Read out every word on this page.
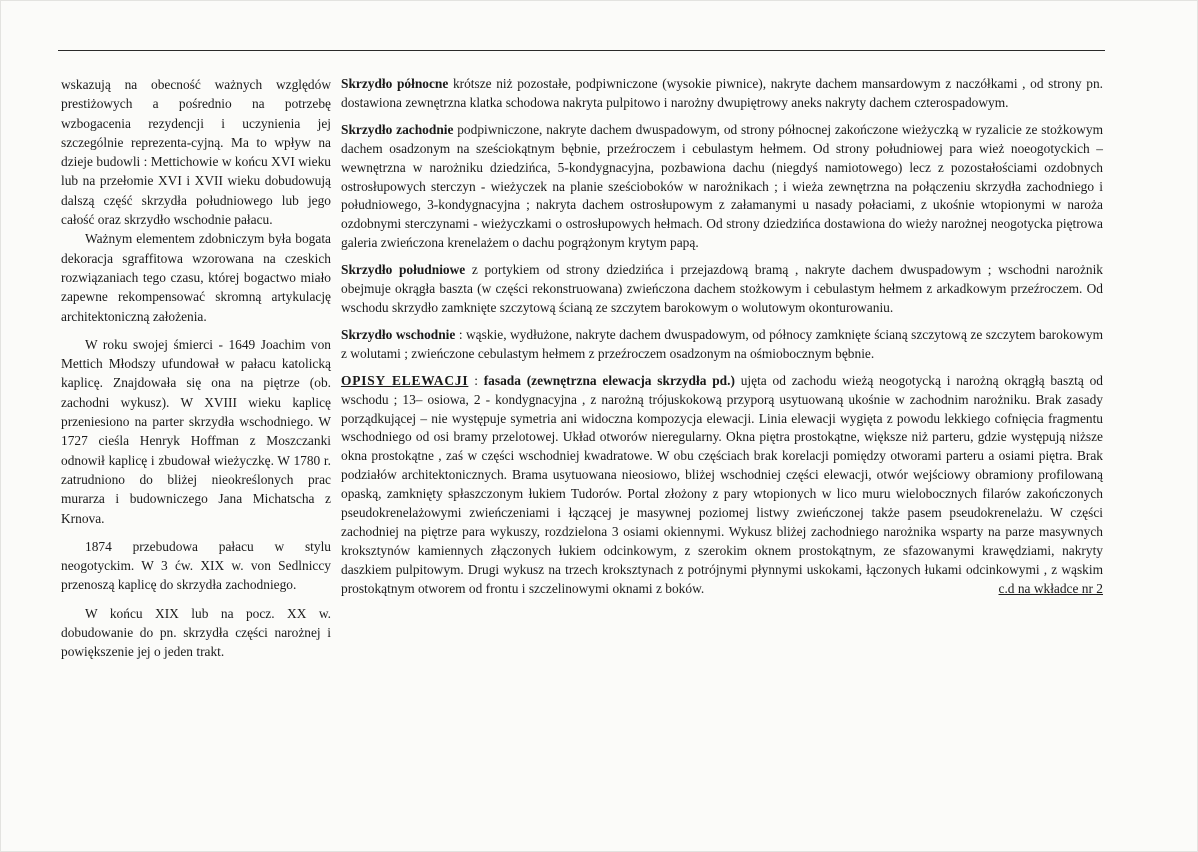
wskazują na obecność ważnych względów prestiżowych a pośrednio na potrzebę wzbogacenia rezydencji i uczynienia jej szczególnie reprezenta-cyjną. Ma to wpływ na dzieje budowli : Mettichowie w końcu XVI wieku lub na przełomie XVI i XVII wieku dobudowują dalszą część skrzydła południowego lub jego całość oraz skrzydło wschodnie pałacu.

Ważnym elementem zdobniczym była bogata dekoracja sgraffitowa wzorowana na czeskich rozwiązaniach tego czasu, której bogactwo miało zapewne rekompensować skromną artykulację architektoniczną założenia.

W roku swojej śmierci - 1649 Joachim von Mettich Młodszy ufundował w pałacu katolicką kaplicę. Znajdowała się ona na piętrze (ob. zachodni wykusz). W XVIII wieku kaplicę przeniesiono na parter skrzydła wschodniego. W 1727 cieśla Henryk Hoffman z Moszczanki odnowił kaplicę i zbudował wieżyczkę. W 1780 r. zatrudniono do bliżej nieokreślonych prac murarza i budowniczego Jana Michatscha z Krnova.

1874 przebudowa pałacu w stylu neogotyckim. W 3 ćw. XIX w. von Sedlniccy przenoszą kaplicę do skrzydła zachodniego.

W końcu XIX lub na pocz. XX w. dobudowanie do pn. skrzydła części narożnej i powiększenie jej o jeden trakt.

Skrzydło północne krótsze niż pozostałe, podpiwniczone (wysokie piwnice), nakryte dachem mansardowym z naczółkami , od strony pn. dostawiona zewnętrzna klatka schodowa nakryta pulpitowo i narożny dwupiętrowy aneks nakryty dachem czterospadowym.

Skrzydło zachodnie podpiwniczone, nakryte dachem dwuspadowym, od strony północnej zakończone wieżyczką w ryzalicie ze stożkowym dachem osadzonym na sześciokątnym bębnie, przeźroczem i cebulastym hełmem. Od strony południowej para wież noeogotyckich – wewnętrzna w narożniku dziedzińca, 5-kondygnacyjna, pozbawiona dachu (niegdyś namiotowego) lecz z pozostałościami ozdobnych ostrosłupowych sterczyn - wieżyczek na planie sześcioboków w narożnikach ; i wieża zewnętrzna na połączeniu skrzydła zachodniego i południowego, 3-kondygnacyjna ; nakryta dachem ostrosłupowym z załamanymi u nasady połaciami, z ukośnie wtopionymi w naroża ozdobnymi sterczynami - wieżyczkami o ostrosłupowych hełmach. Od strony dziedzińca dostawiona do wieży narożnej neogotycka piętrowa galeria zwieńczona krenelażem o dachu pogrążonym krytym papą.

Skrzydło południowe z portykiem od strony dziedzińca i przejazdową bramą , nakryte dachem dwuspadowym ; wschodni narożnik obejmuje okrągła baszta (w części rekonstruowana) zwieńczona dachem stożkowym i cebulastym hełmem z arkadkowym przeźroczem. Od wschodu skrzydło zamknięte szczytową ścianą ze szczytem barokowym o wolutowym okonturowaniu.

Skrzydło wschodnie : wąskie, wydłużone, nakryte dachem dwuspadowym, od północy zamknięte ścianą szczytową ze szczytem barokowym z wolutami ; zwieńczone cebulastym hełmem z przeźroczem osadzonym na ośmiobocznym bębnie.

OPISY ELEWACJI : fasada (zewnętrzna elewacja skrzydła pd.) ujęta od zachodu wieżą neogotycką i narożną okrągłą basztą od wschodu ; 13– osiowa, 2 - kondygnacyjna , z narożną trójuskokową przyporą usytuowaną ukośnie w zachodnim narożniku. Brak zasady porządkującej – nie występuje symetria ani widoczna kompozycja elewacji. Linia elewacji wygięta z powodu lekkiego cofnięcia fragmentu wschodniego od osi bramy przelotowej. Układ otworów nieregularny. Okna piętra prostokątne, większe niż parteru, gdzie występują niższe okna prostokątne , zaś w części wschodniej kwadratowe. W obu częściach brak korelacji pomiędzy otworami parteru a osiami piętra. Brak podziałów architektonicznych. Brama usytuowana nieosiowo, bliżej wschodniej części elewacji, otwór wejściowy obramiony profilowaną opaską, zamknięty spłaszczonym łukiem Tudorów. Portal złożony z pary wtopionych w lico muru wielobocznych filarów zakończonych pseudokrenelażowymi zwieńczeniami i łączącej je masywnej poziomej listwy zwieńczonej także pasem pseudokrenelażu. W części zachodniej na piętrze para wykuszy, rozdzielona 3 osiami okiennymi. Wykusz bliżej zachodniego narożnika wsparty na parze masywnych kroksztynów kamiennych złączonych łukiem odcinkowym, z szerokim oknem prostokątnym, ze sfazowanymi krawędziami, nakryty daszkiem pulpitowym. Drugi wykusz na trzech kroksztynach z potrójnymi płynnymi uskokami, łączonych łukami odcinkowymi , z wąskim prostokątnym otworem od frontu i szczelinowymi oknami z boków.	c.d na wkładce nr 2
